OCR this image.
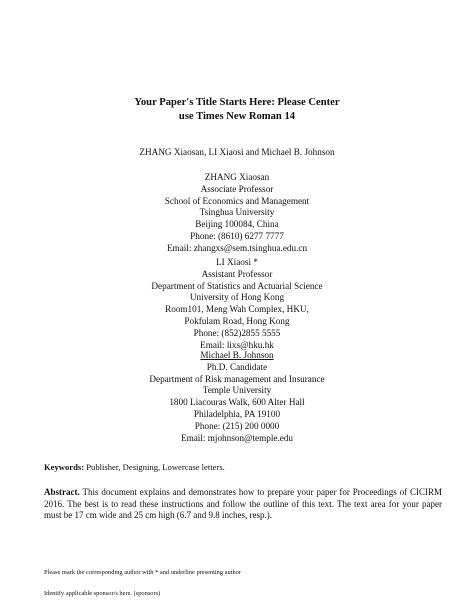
Your Paper's Title Starts Here: Please Center
use Times New Roman 14
ZHANG Xiaosan, LI Xiaosi and Michael B. Johnson
ZHANG Xiaosan
Associate Professor
School of Economics and Management
Tsinghua University
Beijing 100084, China
Phone: (8610) 6277 7777
Email: zhangxs@sem.tsinghua.edu.cn
LI Xiaosi *
Assistant Professor
Department of Statistics and Actuarial Science
University of Hong Kong
Room101, Meng Wah Complex, HKU,
Pokfulam Road, Hong Kong
Phone: (852)2855 5555
Email: lixs@hku.hk
Michael B. Johnson
Ph.D. Candidate
Department of Risk management and Insurance
Temple University
1800 Liacouras Walk, 600 Alter Hall
Philadelphia, PA 19100
Phone: (215) 200 0000
Email: mjohnson@temple.edu
Keywords: Publisher, Designing, Lowercase letters.
Abstract. This document explains and demonstrates how to prepare your paper for Proceedings of CICIRM 2016. The best is to read these instructions and follow the outline of this text. The text area for your paper must be 17 cm wide and 25 cm high (6.7 and 9.8 inches, resp.).
Please mark the corresponding author with * and underline presenting author
Identify applicable sponsor/s here. (sponsors)
